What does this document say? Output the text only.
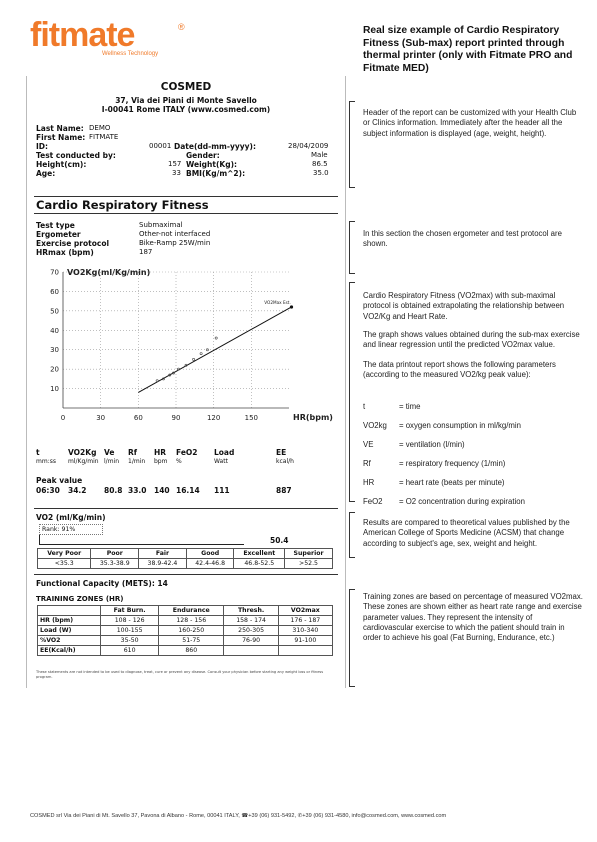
fitmate	®
Wellness Technology
Real size example of Cardio Respiratory Fitness (Sub-max) report printed through thermal printer (only with Fitmate PRO and Fitmate MED)
COSMED
37, Via dei Piani di Monte Savello
I-00041 Rome ITALY (www.cosmed.com)
Last Name: DEMO
First Name: FITMATE
ID:	00001 Date(dd-mm-yyyy):	28/04/2009
Test conducted by:	Gender:	Male
Height(cm):	157 Weight(Kg):	86.5
Age:	33 BMI(Kg/m^2):	35.0
Cardio Respiratory Fitness
Test type	Submaximal
Ergometer	Other-not interfaced
Exercise protocol	Bike-Ramp 25W/min
HRmax (bpm)	187
10
20
30
40
50
60
70
0	30	60	90	120	150
VO2Kg(ml/Kg/min)
HR(bpm)
VO2Max Est.
t	VO2Kg Ve Rf HR FeO2 Load	EE
mm:ss ml/Kg/min l/min 1/min bpm %	Watt	kcal/h
Peak value
06:30 34.2 80.8 33.0 140 16.14 111	887
VO2 (ml/Kg/min)
Rank: 91%
50.4
Very Poor	Poor	Fair	Good	Excellent	Superior
<35.3	35.3-38.9	38.9-42.4	42.4-46.8	46.8-52.5	>52.5
Functional Capacity (METS): 14
TRAINING ZONES (HR)
	Fat Burn.	Endurance	Thresh.	VO2max
HR (bpm)	108 - 126	128 - 156	158 - 174	176 - 187
Load (W)	100-155	160-250	250-305	310-340
%VO2	35-50	51-75	76-90	91-100
EE(Kcal/h)	610	860		
These statements are not intended to be used to diagnose, treat, cure or prevent any disease. Consult your physician before starting any weight loss or fitness program.
Header of the report can be customized with your Health Club or Clinics information. Immediately after the header all the subject information is displayed (age, weight, height).
In this section the chosen ergometer and test protocol are shown.
Cardio Respiratory Fitness (VO2max) with sub-maximal protocol is obtained extrapolating the relationship between VO2/Kg and Heart Rate.
The graph shows values obtained during the sub-max exercise and linear regression until the predicted VO2max value.
The data printout report shows the following parameters (according to the measured VO2/kg peak value):
t	= time
VO2kg = oxygen consumption in ml/kg/min
VE	= ventilation (l/min)
Rf	= respiratory frequency (1/min)
HR	= heart rate (beats per minute)
FeO2 = O2 concentration during expiration
Results are compared to theoretical values published by the American College of Sports Medicine (ACSM) that change according to subject's age, sex, weight and height.
Training zones are based on percentage of measured VO2max. These zones are shown either as heart rate range and exercise parameter values. They represent the intensity of cardiovascular exercise to which the patient should train in order to achieve his goal (Fat Burning, Endurance, etc.)
COSMED srl Via dei Piani di Mt. Savello 37, Pavona di Albano - Rome, 00041 ITALY, ☎+39 (06) 931-5492, ✆+39 (06) 931-4580, info@cosmed.com, www.cosmed.com
